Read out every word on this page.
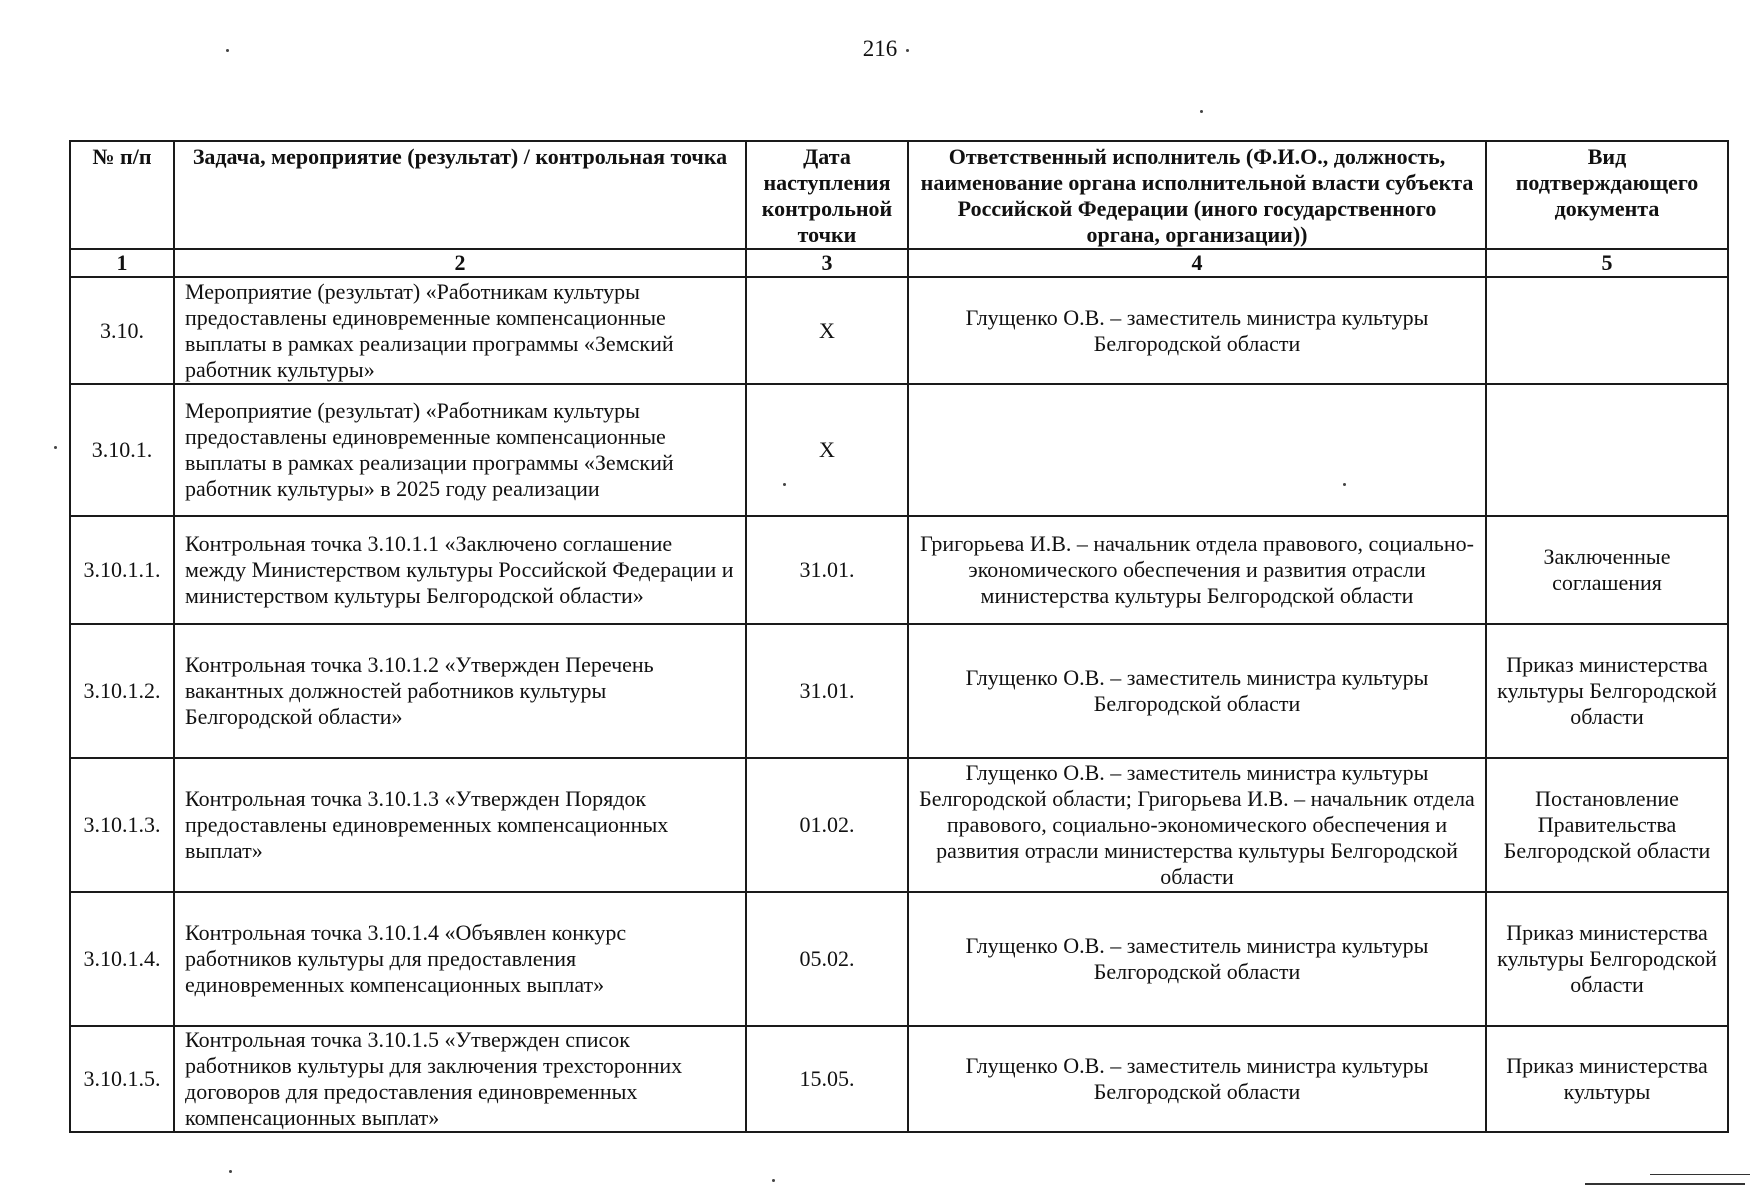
216
№ п/п	Задача, мероприятие (результат) / контрольная точка	Дата наступления контрольной точки	Ответственный исполнитель (Ф.И.О., должность, наименование органа исполнительной власти субъекта Российской Федерации (иного государственного органа, организации))	Вид подтверждающего документа
1	2	3	4	5
3.10.	Мероприятие (результат) «Работникам культуры предоставлены единовременные компенсационные выплаты в рамках реализации программы «Земский работник культуры»	Х	Глущенко О.В. – заместитель министра культуры Белгородской области	
3.10.1.	Мероприятие (результат) «Работникам культуры предоставлены единовременные компенсационные выплаты в рамках реализации программы «Земский работник культуры» в 2025 году реализации	Х		
3.10.1.1.	Контрольная точка 3.10.1.1 «Заключено соглашение между Министерством культуры Российской Федерации и министерством культуры Белгородской области»	31.01.	Григорьева И.В. – начальник отдела правового, социально-экономического обеспечения и развития отрасли министерства культуры Белгородской области	Заключенные соглашения
3.10.1.2.	Контрольная точка 3.10.1.2 «Утвержден Перечень вакантных должностей работников культуры Белгородской области»	31.01.	Глущенко О.В. – заместитель министра культуры Белгородской области	Приказ министерства культуры Белгородской области
3.10.1.3.	Контрольная точка 3.10.1.3 «Утвержден Порядок предоставлены единовременных компенсационных выплат»	01.02.	Глущенко О.В. – заместитель министра культуры Белгородской области; Григорьева И.В. – начальник отдела правового, социально-экономического обеспечения и развития отрасли министерства культуры Белгородской области	Постановление Правительства Белгородской области
3.10.1.4.	Контрольная точка 3.10.1.4 «Объявлен конкурс работников культуры для предоставления единовременных компенсационных выплат»	05.02.	Глущенко О.В. – заместитель министра культуры Белгородской области	Приказ министерства культуры Белгородской области
3.10.1.5.	Контрольная точка 3.10.1.5 «Утвержден список работников культуры для заключения трехсторонних договоров для предоставления единовременных компенсационных выплат»	15.05.	Глущенко О.В. – заместитель министра культуры Белгородской области	Приказ министерства культуры
